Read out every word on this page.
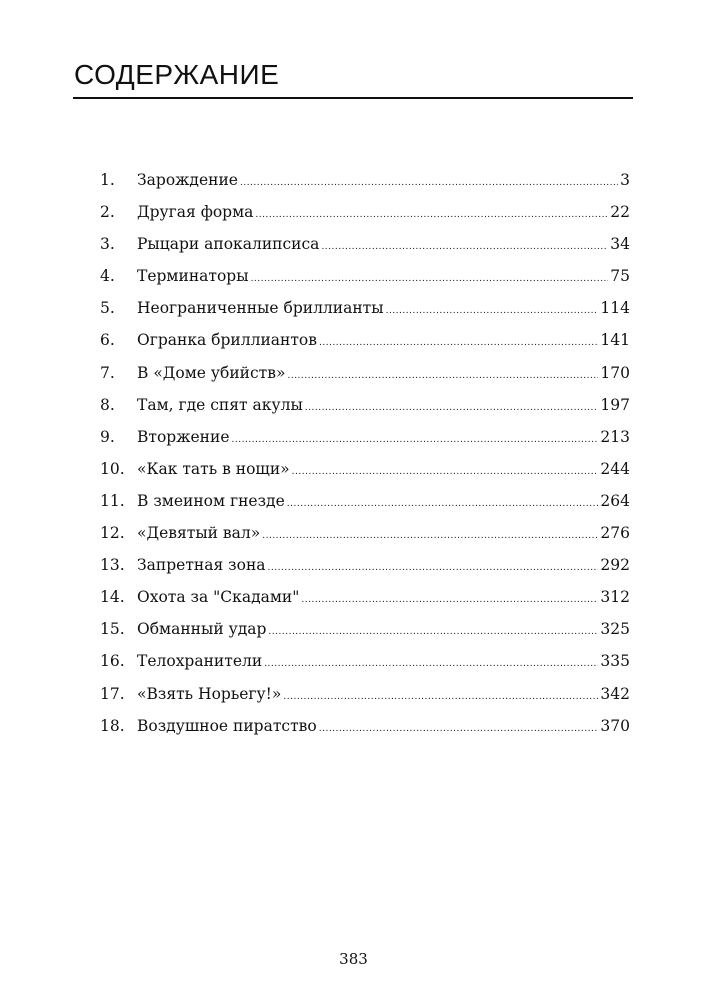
СОДЕРЖАНИЕ
1.	Зарождение .....	3
2.	Другая форма .....	22
3.	Рыцари апокалипсиса .....	34
4.	Терминаторы .....	75
5.	Неограниченные бриллианты .....	114
6.	Огранка бриллиантов .....	141
7.	В «Доме убийств» .....	170
8.	Там, где спят акулы .....	197
9.	Вторжение .....	213
10. «Как тать в нощи» .....	244
11. В змеином гнезде .....	264
12. «Девятый вал» .....	276
13. Запретная зона .....	292
14. Охота за "Скадами" .....	312
15. Обманный удар .....	325
16. Телохранители .....	335
17. «Взять Норьегу!» .....	342
18. Воздушное пиратство .....	370
383
